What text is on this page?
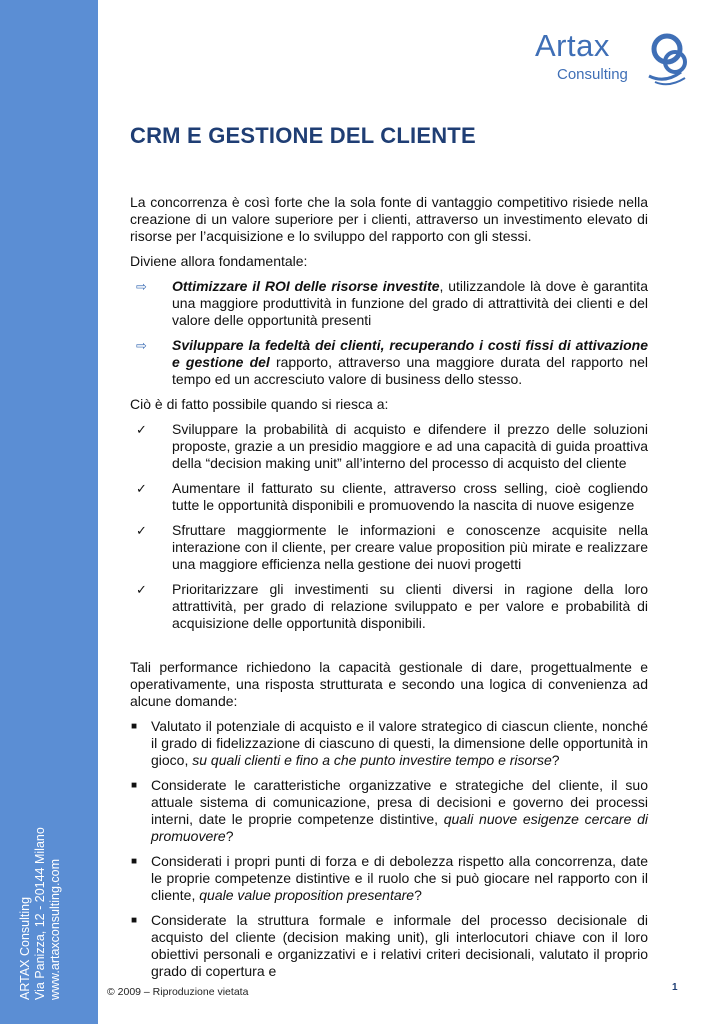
ARTAX Consulting Via Panizza, 12 - 20144 Milano www.artaxconsulting.com
Artax
Consulting
CRM E GESTIONE DEL CLIENTE

La concorrenza è così forte che la sola fonte di vantaggio competitivo risiede nella creazione di un valore superiore per i clienti, attraverso un investimento elevato di risorse per l’acquisizione e lo sviluppo del rapporto con gli stessi.

Diviene allora fondamentale:

⇨ Ottimizzare il ROI delle risorse investite, utilizzandole là dove è garantita una maggiore produttività in funzione del grado di attrattività dei clienti e del valore delle opportunità presenti
⇨ Sviluppare la fedeltà dei clienti, recuperando i costi fissi di attivazione e gestione del rapporto, attraverso una maggiore durata del rapporto nel tempo ed un accresciuto valore di business dello stesso.

Ciò è di fatto possibile quando si riesca a:

✓ Sviluppare la probabilità di acquisto e difendere il prezzo delle soluzioni proposte, grazie a un presidio maggiore e ad una capacità di guida proattiva della “decision making unit” all’interno del processo di acquisto del cliente
✓ Aumentare il fatturato su cliente, attraverso cross selling, cioè cogliendo tutte le opportunità disponibili e promuovendo la nascita di nuove esigenze
✓ Sfruttare maggiormente le informazioni e conoscenze acquisite nella interazione con il cliente, per creare value proposition più mirate e realizzare una maggiore efficienza nella gestione dei nuovi progetti
✓ Prioritarizzare gli investimenti su clienti diversi in ragione della loro attrattività, per grado di relazione sviluppato e per valore e probabilità di acquisizione delle opportunità disponibili.

Tali performance richiedono la capacità gestionale di dare, progettualmente e operativamente, una risposta strutturata e secondo una logica di convenienza ad alcune domande:

■ Valutato il potenziale di acquisto e il valore strategico di ciascun cliente, nonché il grado di fidelizzazione di ciascuno di questi, la dimensione delle opportunità in gioco, su quali clienti e fino a che punto investire tempo e risorse?
■ Considerate le caratteristiche organizzative e strategiche del cliente, il suo attuale sistema di comunicazione, presa di decisioni e governo dei processi interni, date le proprie competenze distintive, quali nuove esigenze cercare di promuovere?
■ Considerati i propri punti di forza e di debolezza rispetto alla concorrenza, date le proprie competenze distintive e il ruolo che si può giocare nel rapporto con il cliente, quale value proposition presentare?
■ Considerate la struttura formale e informale del processo decisionale di acquisto del cliente (decision making unit), gli interlocutori chiave con il loro obiettivi personali e organizzativi e i relativi criteri decisionali, valutato il proprio grado di copertura e
© 2009 – Riproduzione vietata	1
